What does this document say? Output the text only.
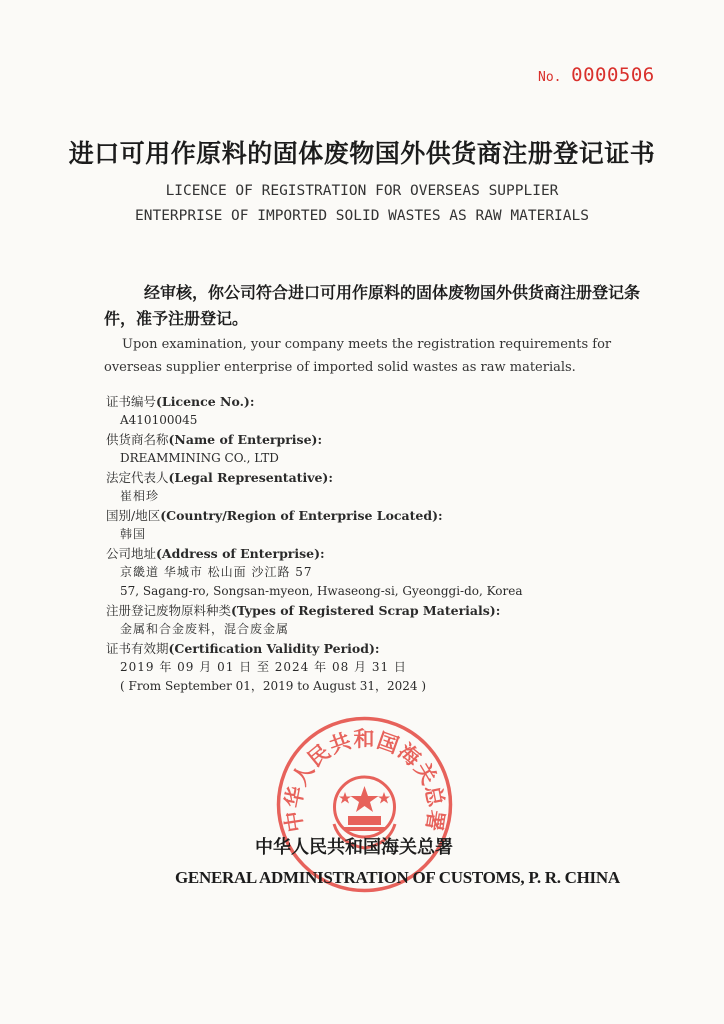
No. 0000506
进口可用作原料的固体废物国外供货商注册登记证书
LICENCE OF REGISTRATION FOR OVERSEAS SUPPLIER
ENTERPRISE OF IMPORTED SOLID WASTES AS RAW MATERIALS
经审核，你公司符合进口可用作原料的固体废物国外供货商注册登记条件，准予注册登记。
Upon examination, your company meets the registration requirements for overseas supplier enterprise of imported solid wastes as raw materials.
证书编号(Licence No.):
A410100045
供货商名称(Name of Enterprise):
DREAMMINING CO., LTD
法定代表人(Legal Representative):
崔相珍
国别/地区(Country/Region of Enterprise Located):
韩国
公司地址(Address of Enterprise):
京畿道 华城市 松山面 沙江路 57
57, Sagang-ro, Songsan-myeon, Hwaseong-si, Gyeonggi-do, Korea
注册登记废物原料种类(Types of Registered Scrap Materials):
金属和合金废料，混合废金属
证书有效期(Certification Validity Period):
2019 年 09 月 01 日 至 2024 年 08 月 31 日
( From September 01，2019 to August 31，2024 )
中华人民共和国海关总署
中华人民共和国海关总署
GENERAL ADMINISTRATION OF CUSTOMS, P. R. CHINA
